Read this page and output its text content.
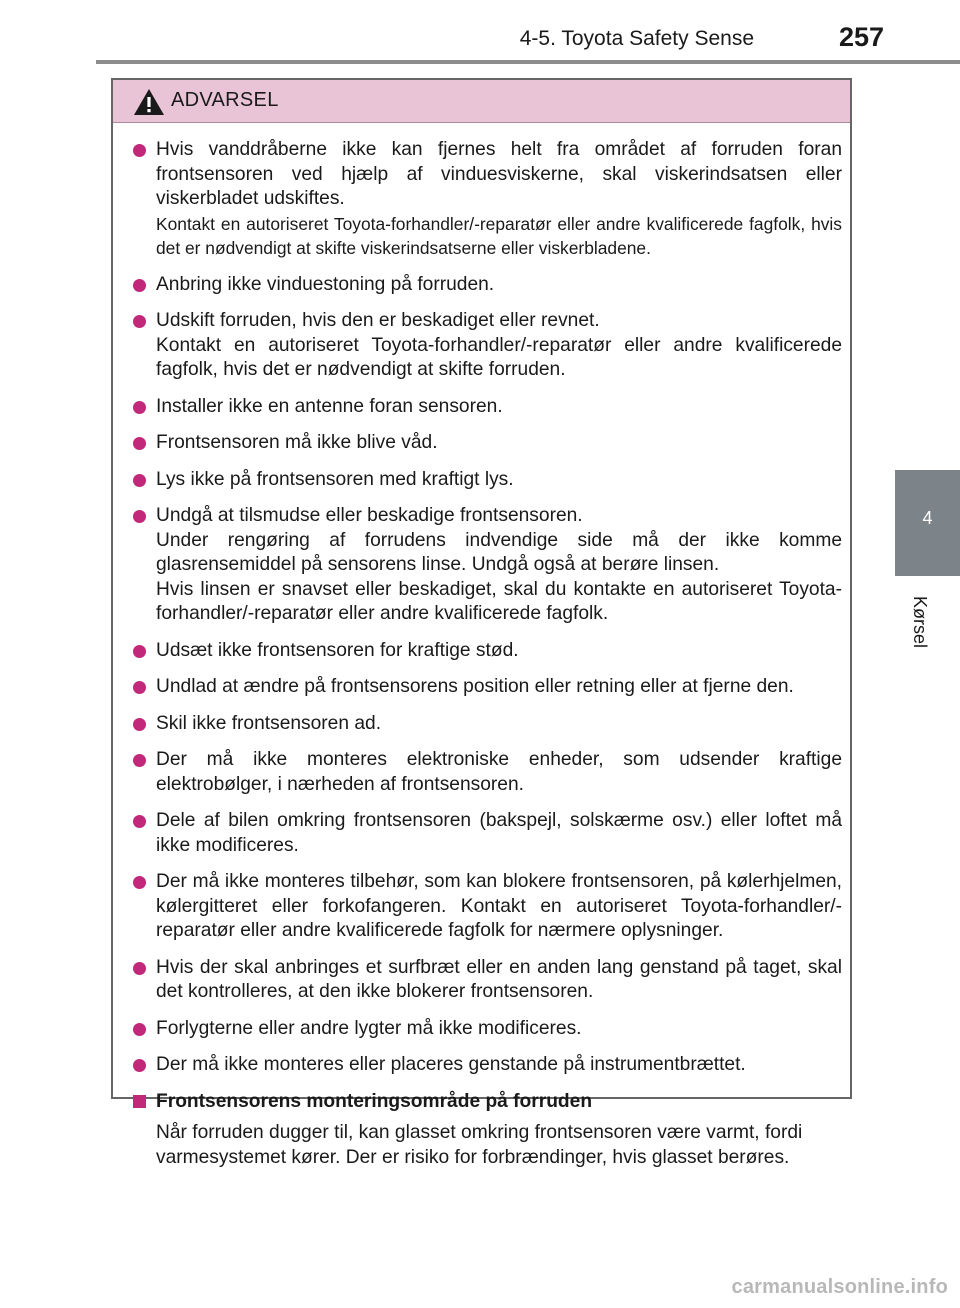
4-5. Toyota Safety Sense	257
4
Kørsel
ADVARSEL

Hvis vanddråberne ikke kan fjernes helt fra området af forruden foran frontsensoren ved hjælp af vinduesviskerne, skal viskerindsatsen eller viskerbladet udskiftes.

Kontakt en autoriseret Toyota-forhandler/-reparatør eller andre kvalificerede fagfolk, hvis det er nødvendigt at skifte viskerindsatserne eller viskerbladene.

Anbring ikke vinduestoning på forruden.

Udskift forruden, hvis den er beskadiget eller revnet.

Kontakt en autoriseret Toyota-forhandler/-reparatør eller andre kvalificerede fagfolk, hvis det er nødvendigt at skifte forruden.

Installer ikke en antenne foran sensoren.

Frontsensoren må ikke blive våd.

Lys ikke på frontsensoren med kraftigt lys.

Undgå at tilsmudse eller beskadige frontsensoren.

Under rengøring af forrudens indvendige side må der ikke komme glasrensemiddel på sensorens linse. Undgå også at berøre linsen.

Hvis linsen er snavset eller beskadiget, skal du kontakte en autoriseret Toyota-forhandler/-reparatør eller andre kvalificerede fagfolk.

Udsæt ikke frontsensoren for kraftige stød.

Undlad at ændre på frontsensorens position eller retning eller at fjerne den.

Skil ikke frontsensoren ad.

Der må ikke monteres elektroniske enheder, som udsender kraftige elektrobølger, i nærheden af frontsensoren.

Dele af bilen omkring frontsensoren (bakspejl, solskærme osv.) eller loftet må ikke modificeres.

Der må ikke monteres tilbehør, som kan blokere frontsensoren, på kølerhjelmen, kølergitteret eller forkofangeren. Kontakt en autoriseret Toyota-forhandler/-reparatør eller andre kvalificerede fagfolk for nærmere oplysninger.

Hvis der skal anbringes et surfbræt eller en anden lang genstand på taget, skal det kontrolleres, at den ikke blokerer frontsensoren.

Forlygterne eller andre lygter må ikke modificeres.

Der må ikke monteres eller placeres genstande på instrumentbrættet.

Frontsensorens monteringsområde på forruden

Når forruden dugger til, kan glasset omkring frontsensoren være varmt, fordi varmesystemet kører. Der er risiko for forbrændinger, hvis glasset berøres.

carmanualsonline.info
